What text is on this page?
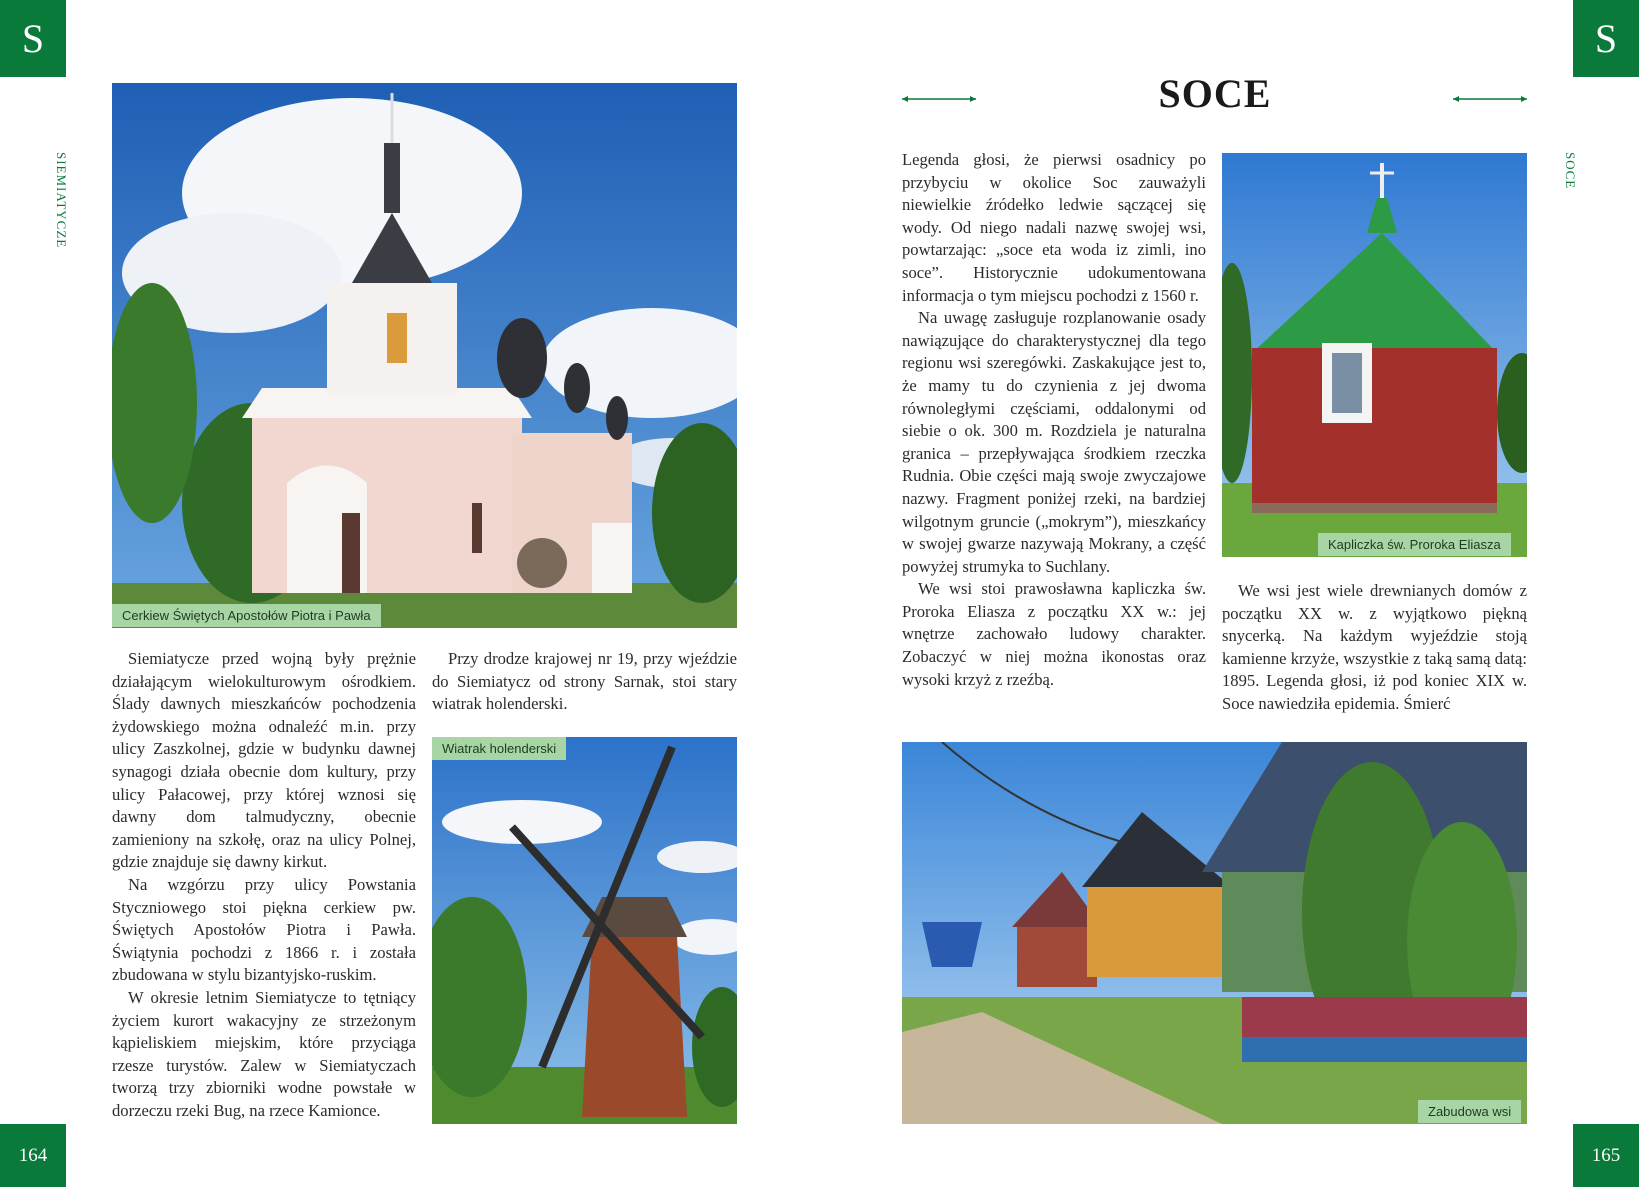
S
SIEMIATYCZE
164
Cerkiew Świętych Apostołów Piotra i Pawła

Siemiatycze przed wojną były prężnie działającym wielokulturowym ośrodkiem. Ślady dawnych mieszkańców pochodzenia żydowskiego można odnaleźć m.in. przy ulicy Zaszkolnej, gdzie w budynku dawnej synagogi działa obecnie dom kultury, przy ulicy Pałacowej, przy której wznosi się dawny dom talmudyczny, obecnie zamieniony na szkołę, oraz na ulicy Polnej, gdzie znajduje się dawny kirkut.

Na wzgórzu przy ulicy Powstania Styczniowego stoi piękna cerkiew pw. Świętych Apostołów Piotra i Pawła. Świątynia pochodzi z 1866 r. i została zbudowana w stylu bizantyjsko-ruskim.

W okresie letnim Siemiatycze to tętniący życiem kurort wakacyjny ze strzeżonym kąpieliskiem miejskim, które przyciąga rzesze turystów. Zalew w Siemiatyczach tworzą trzy zbiorniki wodne powstałe w dorzeczu rzeki Bug, na rzece Kamionce.

Przy drodze krajowej nr 19, przy wjeździe do Siemiatycz od strony Sarnak, stoi stary wiatrak holenderski.

Wiatrak holenderski
S
SOCE
165
SOCE

Legenda głosi, że pierwsi osadnicy po przybyciu w okolice Soc zauważyli niewielkie źródełko ledwie sączącej się wody. Od niego nadali nazwę swojej wsi, powtarzając: „soce eta woda iz zimli, ino soce”. Historycznie udokumentowana informacja o tym miejscu pochodzi z 1560 r.

Na uwagę zasługuje rozplanowanie osady nawiązujące do charakterystycznej dla tego regionu wsi szeregówki. Zaskakujące jest to, że mamy tu do czynienia z jej dwoma równoległymi częściami, oddalonymi od siebie o ok. 300 m. Rozdziela je naturalna granica – przepływająca środkiem rzeczka Rudnia. Obie części mają swoje zwyczajowe nazwy. Fragment poniżej rzeki, na bardziej wilgotnym gruncie („mokrym”), mieszkańcy w swojej gwarze nazywają Mokrany, a część powyżej strumyka to Suchlany.

We wsi stoi prawosławna kapliczka św. Proroka Eliasza z początku XX w.: jej wnętrze zachowało ludowy charakter. Zobaczyć w niej można ikonostas oraz wysoki krzyż z rzeźbą.

Kapliczka św. Proroka Eliasza

We wsi jest wiele drewnianych domów z początku XX w. z wyjątkowo piękną snycerką. Na każdym wyjeździe stoją kamienne krzyże, wszystkie z taką samą datą: 1895. Legenda głosi, iż pod koniec XIX w. Soce nawiedziła epidemia. Śmierć

Zabudowa wsi
